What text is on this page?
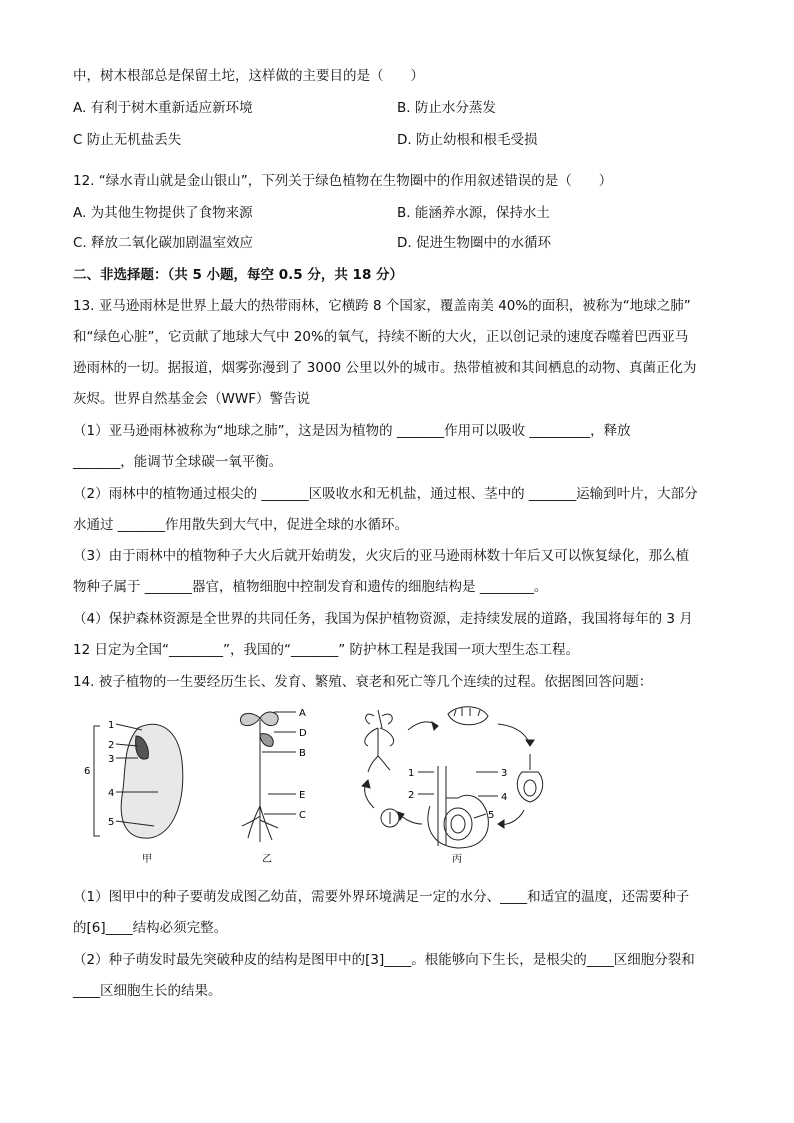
中，树木根部总是保留土坨，这样做的主要目的是（　　）
A. 有利于树木重新适应新环境	B. 防止水分蒸发
C 防止无机盐丢失	D. 防止幼根和根毛受损
12. “绿水青山就是金山银山”，下列关于绿色植物在生物圈中的作用叙述错误的是（　　）
A. 为其他生物提供了食物来源	B. 能涵养水源，保持水土
C. 释放二氧化碳加剧温室效应	D. 促进生物圈中的水循环
二、非选择题：（共 5 小题，每空 0.5 分，共 18 分）
13. 亚马逊雨林是世界上最大的热带雨林，它横跨 8 个国家，覆盖南美 40%的面积，被称为“地球之肺”
和“绿色心脏”，它贡献了地球大气中 20%的氧气，持续不断的大火，正以创记录的速度吞噬着巴西亚马
逊雨林的一切。据报道，烟雾弥漫到了 3000 公里以外的城市。热带植被和其间栖息的动物、真菌正化为
灰烬。世界自然基金会（WWF）警告说
（1）亚马逊雨林被称为“地球之肺”，这是因为植物的 _______作用可以吸收 _________，释放
_______，能调节全球碳一氧平衡。
（2）雨林中的植物通过根尖的 _______区吸收水和无机盐，通过根、茎中的 _______运输到叶片，大部分
水通过 _______作用散失到大气中，促进全球的水循环。
（3）由于雨林中的植物种子大火后就开始萌发，火灾后的亚马逊雨林数十年后又可以恢复绿化，那么植
物种子属于 _______器官，植物细胞中控制发育和遗传的细胞结构是 ________。
（4）保护森林资源是全世界的共同任务，我国为保护植物资源，走持续发展的道路，我国将每年的 3 月
12 日定为全国“________”，我国的“_______” 防护林工程是我国一项大型生态工程。
14. 被子植物的一生要经历生长、发育、繁殖、衰老和死亡等几个连续的过程。依据图回答问题：
1
2
3
4
5
6
甲
A
D
B
E
C
乙
1
2
3
4
5
丙
（1）图甲中的种子要萌发成图乙幼苗，需要外界环境满足一定的水分、____和适宜的温度，还需要种子
的[6]____结构必须完整。
（2）种子萌发时最先突破种皮的结构是图甲中的[3]____。根能够向下生长，是根尖的____区细胞分裂和
____区细胞生长的结果。
